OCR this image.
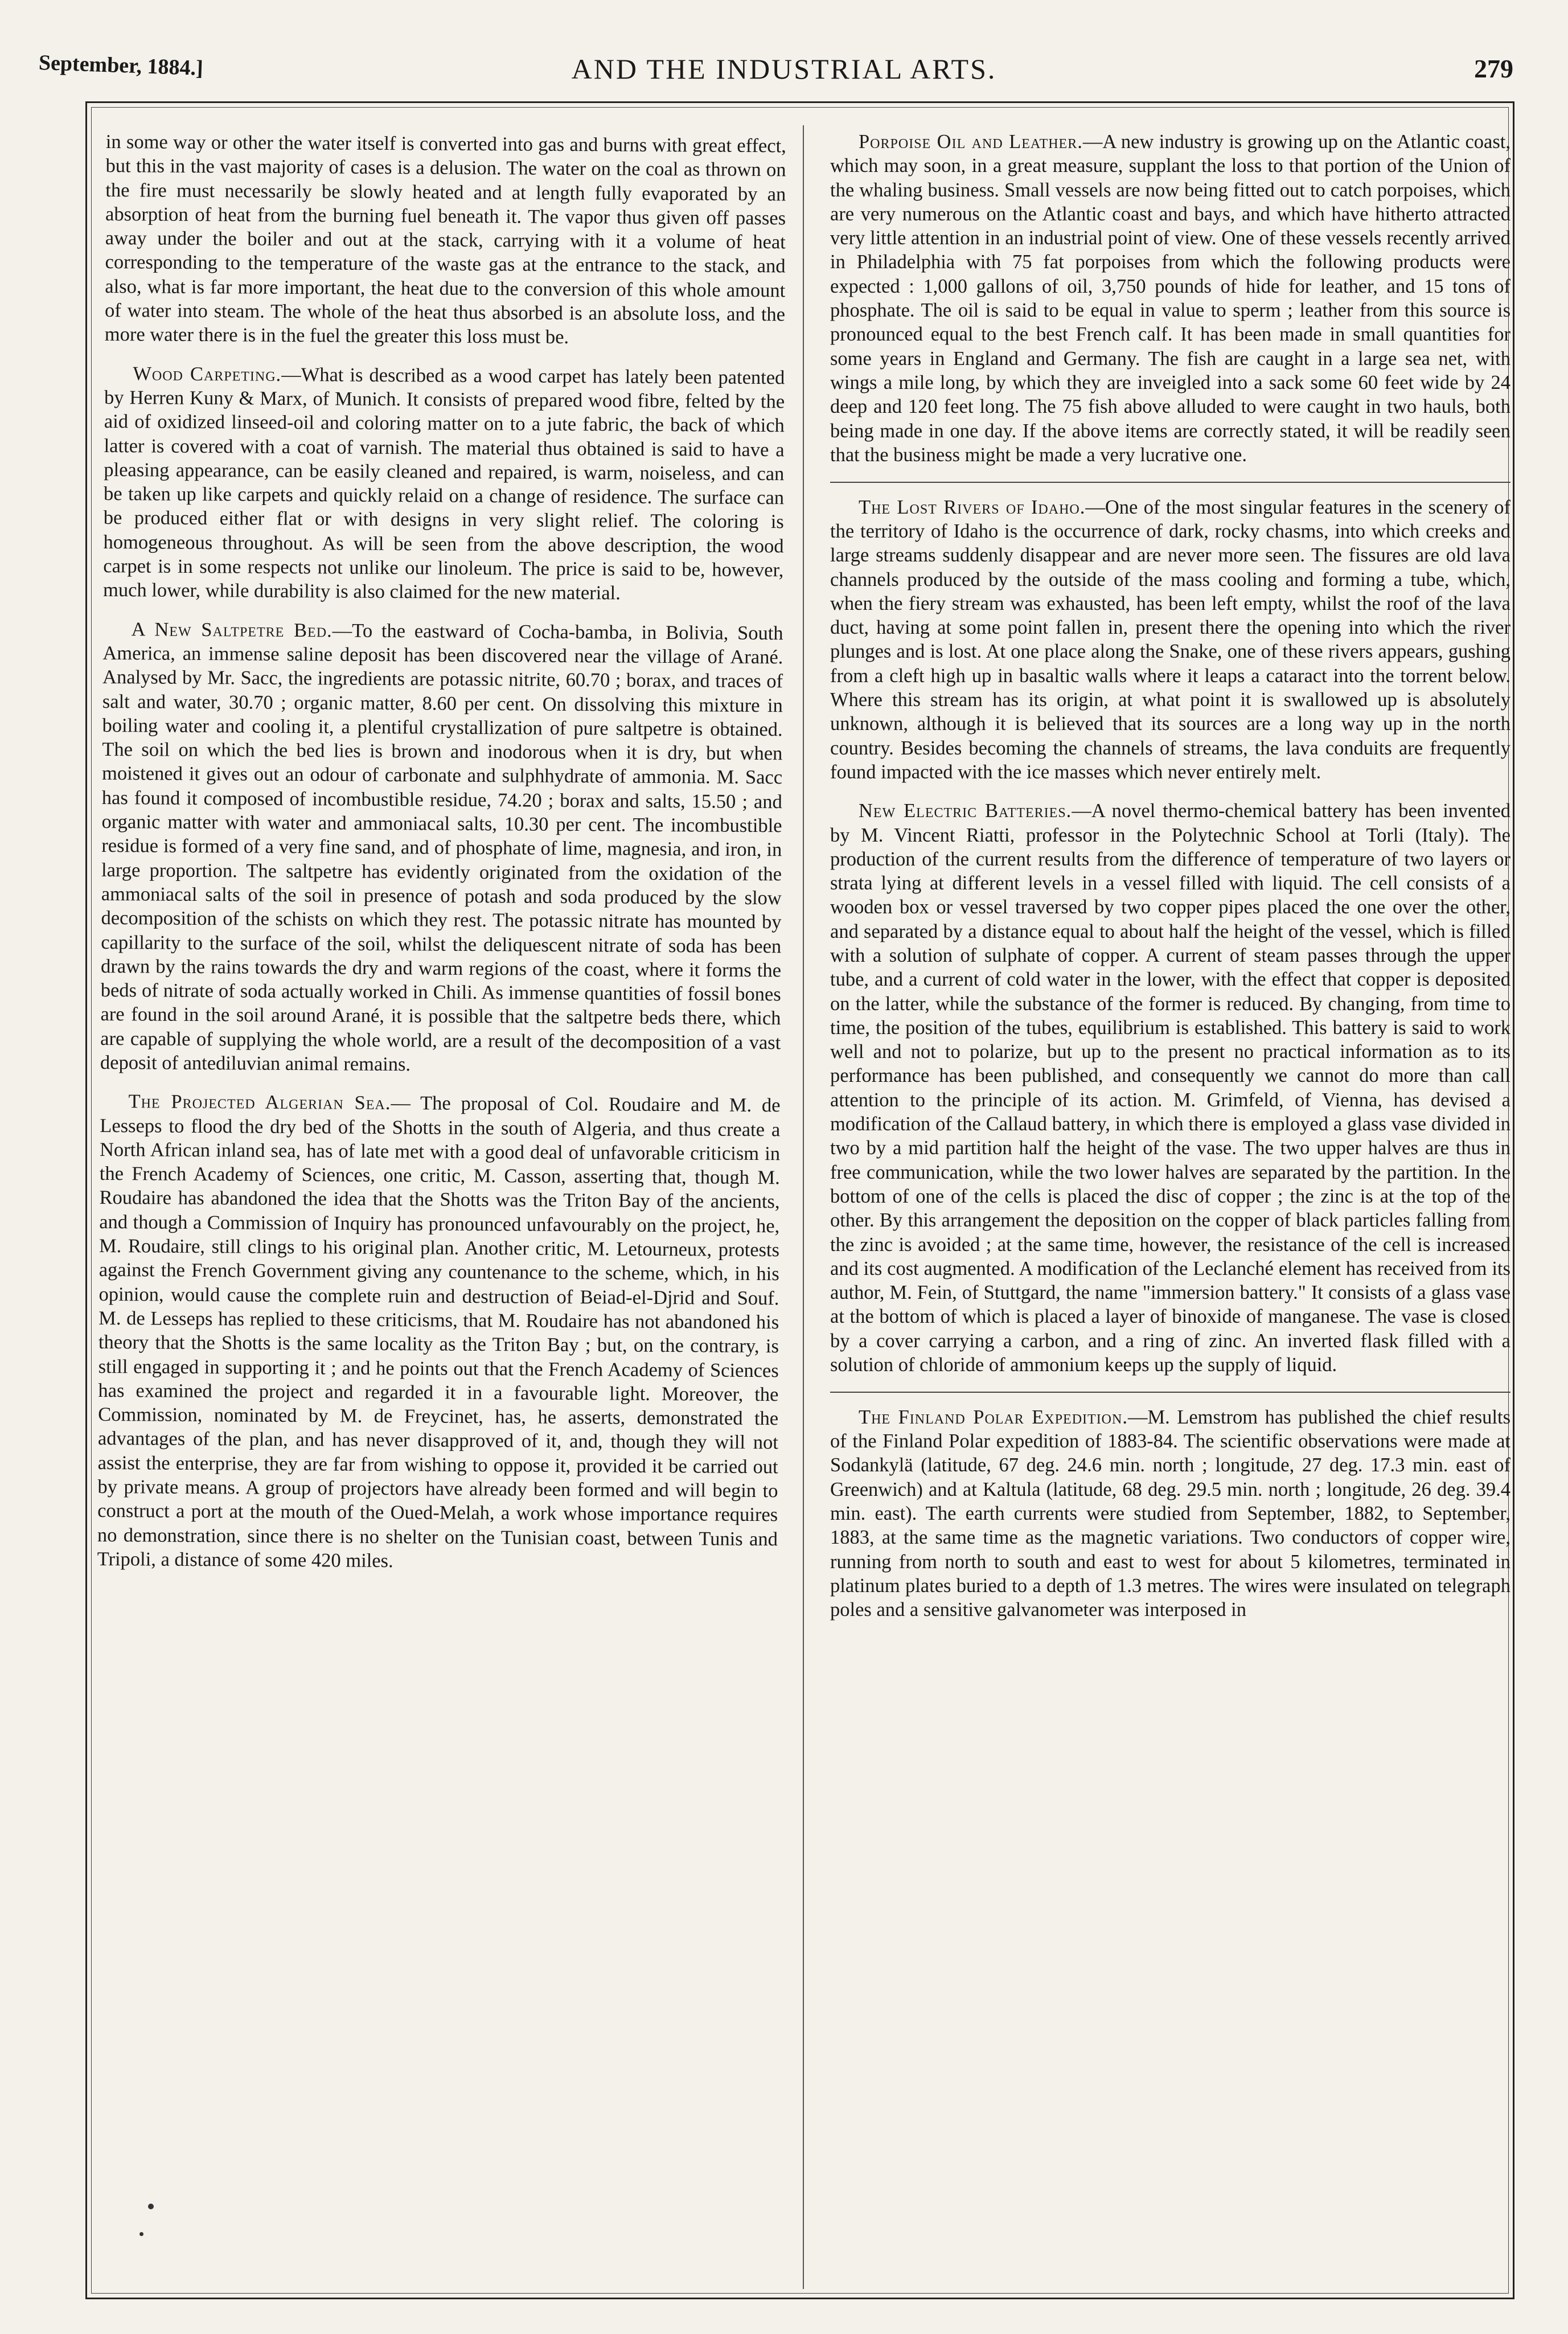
September, 1884.]	AND THE INDUSTRIAL ARTS.	279

in some way or other the water itself is converted into gas and burns with great effect, but this in the vast majority of cases is a delusion. The water on the coal as thrown on the fire must necessarily be slowly heated and at length fully evaporated by an absorption of heat from the burning fuel beneath it. The vapor thus given off passes away under the boiler and out at the stack, carrying with it a volume of heat corresponding to the temperature of the waste gas at the entrance to the stack, and also, what is far more important, the heat due to the conversion of this whole amount of water into steam. The whole of the heat thus absorbed is an absolute loss, and the more water there is in the fuel the greater this loss must be.

Wood Carpeting.—What is described as a wood carpet has lately been patented by Herren Kuny & Marx, of Munich. It consists of prepared wood fibre, felted by the aid of oxidized linseed-oil and coloring matter on to a jute fabric, the back of which latter is covered with a coat of varnish. The material thus obtained is said to have a pleasing appearance, can be easily cleaned and repaired, is warm, noiseless, and can be taken up like carpets and quickly relaid on a change of residence. The surface can be produced either flat or with designs in very slight relief. The coloring is homogeneous throughout. As will be seen from the above description, the wood carpet is in some respects not unlike our linoleum. The price is said to be, however, much lower, while durability is also claimed for the new material.

A New Saltpetre Bed.—To the eastward of Cocha-bamba, in Bolivia, South America, an immense saline deposit has been discovered near the village of Arané. Analysed by Mr. Sacc, the ingredients are potassic nitrite, 60.70 ; borax, and traces of salt and water, 30.70 ; organic matter, 8.60 per cent. On dissolving this mixture in boiling water and cooling it, a plentiful crystallization of pure saltpetre is obtained. The soil on which the bed lies is brown and inodorous when it is dry, but when moistened it gives out an odour of carbonate and sulphhydrate of ammonia. M. Sacc has found it composed of incombustible residue, 74.20 ; borax and salts, 15.50 ; and organic matter with water and ammoniacal salts, 10.30 per cent. The incombustible residue is formed of a very fine sand, and of phosphate of lime, magnesia, and iron, in large proportion. The saltpetre has evidently originated from the oxidation of the ammoniacal salts of the soil in presence of potash and soda produced by the slow decomposition of the schists on which they rest. The potassic nitrate has mounted by capillarity to the surface of the soil, whilst the deliquescent nitrate of soda has been drawn by the rains towards the dry and warm regions of the coast, where it forms the beds of nitrate of soda actually worked in Chili. As immense quantities of fossil bones are found in the soil around Arané, it is possible that the saltpetre beds there, which are capable of supplying the whole world, are a result of the decomposition of a vast deposit of antediluvian animal remains.

The Projected Algerian Sea.— The proposal of Col. Roudaire and M. de Lesseps to flood the dry bed of the Shotts in the south of Algeria, and thus create a North African inland sea, has of late met with a good deal of unfavorable criticism in the French Academy of Sciences, one critic, M. Casson, asserting that, though M. Roudaire has abandoned the idea that the Shotts was the Triton Bay of the ancients, and though a Commission of Inquiry has pronounced unfavourably on the project, he, M. Roudaire, still clings to his original plan. Another critic, M. Letourneux, protests against the French Government giving any countenance to the scheme, which, in his opinion, would cause the complete ruin and destruction of Beiad-el-Djrid and Souf. M. de Lesseps has replied to these criticisms, that M. Roudaire has not abandoned his theory that the Shotts is the same locality as the Triton Bay ; but, on the contrary, is still engaged in supporting it ; and he points out that the French Academy of Sciences has examined the project and regarded it in a favourable light. Moreover, the Commission, nominated by M. de Freycinet, has, he asserts, demonstrated the advantages of the plan, and has never disapproved of it, and, though they will not assist the enterprise, they are far from wishing to oppose it, provided it be carried out by private means. A group of projectors have already been formed and will begin to construct a port at the mouth of the Oued-Melah, a work whose importance requires no demonstration, since there is no shelter on the Tunisian coast, between Tunis and Tripoli, a distance of some 420 miles.

Porpoise Oil and Leather.—A new industry is growing up on the Atlantic coast, which may soon, in a great measure, supplant the loss to that portion of the Union of the whaling business. Small vessels are now being fitted out to catch porpoises, which are very numerous on the Atlantic coast and bays, and which have hitherto attracted very little attention in an industrial point of view. One of these vessels recently arrived in Philadelphia with 75 fat porpoises from which the following products were expected : 1,000 gallons of oil, 3,750 pounds of hide for leather, and 15 tons of phosphate. The oil is said to be equal in value to sperm ; leather from this source is pronounced equal to the best French calf. It has been made in small quantities for some years in England and Germany. The fish are caught in a large sea net, with wings a mile long, by which they are inveigled into a sack some 60 feet wide by 24 deep and 120 feet long. The 75 fish above alluded to were caught in two hauls, both being made in one day. If the above items are correctly stated, it will be readily seen that the business might be made a very lucrative one.

The Lost Rivers of Idaho.—One of the most singular features in the scenery of the territory of Idaho is the occurrence of dark, rocky chasms, into which creeks and large streams suddenly disappear and are never more seen. The fissures are old lava channels produced by the outside of the mass cooling and forming a tube, which, when the fiery stream was exhausted, has been left empty, whilst the roof of the lava duct, having at some point fallen in, present there the opening into which the river plunges and is lost. At one place along the Snake, one of these rivers appears, gushing from a cleft high up in basaltic walls where it leaps a cataract into the torrent below. Where this stream has its origin, at what point it is swallowed up is absolutely unknown, although it is believed that its sources are a long way up in the north country. Besides becoming the channels of streams, the lava conduits are frequently found impacted with the ice masses which never entirely melt.

New Electric Batteries.—A novel thermo-chemical battery has been invented by M. Vincent Riatti, professor in the Polytechnic School at Torli (Italy). The production of the current results from the difference of temperature of two layers or strata lying at different levels in a vessel filled with liquid. The cell consists of a wooden box or vessel traversed by two copper pipes placed the one over the other, and separated by a distance equal to about half the height of the vessel, which is filled with a solution of sulphate of copper. A current of steam passes through the upper tube, and a current of cold water in the lower, with the effect that copper is deposited on the latter, while the substance of the former is reduced. By changing, from time to time, the position of the tubes, equilibrium is established. This battery is said to work well and not to polarize, but up to the present no practical information as to its performance has been published, and consequently we cannot do more than call attention to the principle of its action. M. Grimfeld, of Vienna, has devised a modification of the Callaud battery, in which there is employed a glass vase divided in two by a mid partition half the height of the vase. The two upper halves are thus in free communication, while the two lower halves are separated by the partition. In the bottom of one of the cells is placed the disc of copper ; the zinc is at the top of the other. By this arrangement the deposition on the copper of black particles falling from the zinc is avoided ; at the same time, however, the resistance of the cell is increased and its cost augmented. A modification of the Leclanché element has received from its author, M. Fein, of Stuttgard, the name "immersion battery." It consists of a glass vase at the bottom of which is placed a layer of binoxide of manganese. The vase is closed by a cover carrying a carbon, and a ring of zinc. An inverted flask filled with a solution of chloride of ammonium keeps up the supply of liquid.

The Finland Polar Expedition.—M. Lemstrom has published the chief results of the Finland Polar expedition of 1883-84. The scientific observations were made at Sodankylä (latitude, 67 deg. 24.6 min. north ; longitude, 27 deg. 17.3 min. east of Greenwich) and at Kaltula (latitude, 68 deg. 29.5 min. north ; longitude, 26 deg. 39.4 min. east). The earth currents were studied from September, 1882, to September, 1883, at the same time as the magnetic variations. Two conductors of copper wire, running from north to south and east to west for about 5 kilometres, terminated in platinum plates buried to a depth of 1.3 metres. The wires were insulated on telegraph poles and a sensitive galvanometer was interposed in
